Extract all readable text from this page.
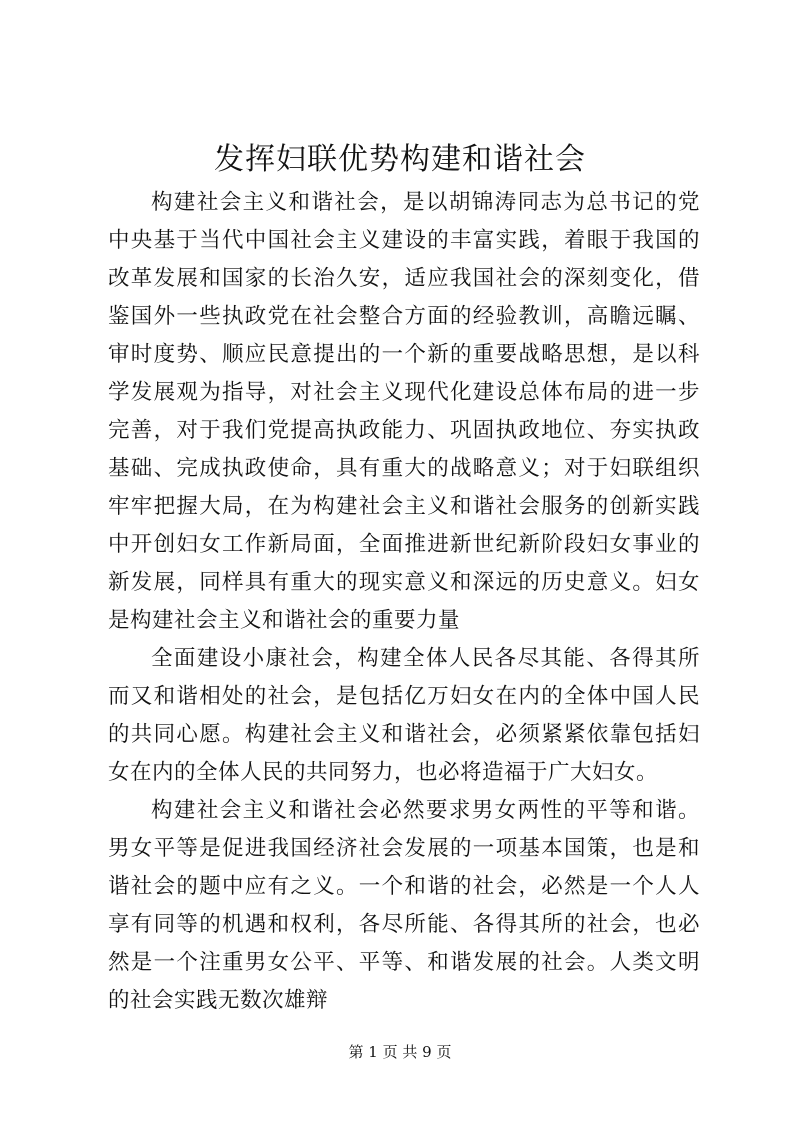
发挥妇联优势构建和谐社会

构建社会主义和谐社会，是以胡锦涛同志为总书记的党中央基于当代中国社会主义建设的丰富实践，着眼于我国的改革发展和国家的长治久安，适应我国社会的深刻变化，借鉴国外一些执政党在社会整合方面的经验教训，高瞻远瞩、审时度势、顺应民意提出的一个新的重要战略思想，是以科学发展观为指导，对社会主义现代化建设总体布局的进一步完善，对于我们党提高执政能力、巩固执政地位、夯实执政基础、完成执政使命，具有重大的战略意义；对于妇联组织牢牢把握大局，在为构建社会主义和谐社会服务的创新实践中开创妇女工作新局面，全面推进新世纪新阶段妇女事业的新发展，同样具有重大的现实意义和深远的历史意义。妇女是构建社会主义和谐社会的重要力量

全面建设小康社会，构建全体人民各尽其能、各得其所而又和谐相处的社会，是包括亿万妇女在内的全体中国人民的共同心愿。构建社会主义和谐社会，必须紧紧依靠包括妇女在内的全体人民的共同努力，也必将造福于广大妇女。

构建社会主义和谐社会必然要求男女两性的平等和谐。男女平等是促进我国经济社会发展的一项基本国策，也是和谐社会的题中应有之义。一个和谐的社会，必然是一个人人享有同等的机遇和权利，各尽所能、各得其所的社会，也必然是一个注重男女公平、平等、和谐发展的社会。人类文明的社会实践无数次雄辩

第 1 页 共 9 页
